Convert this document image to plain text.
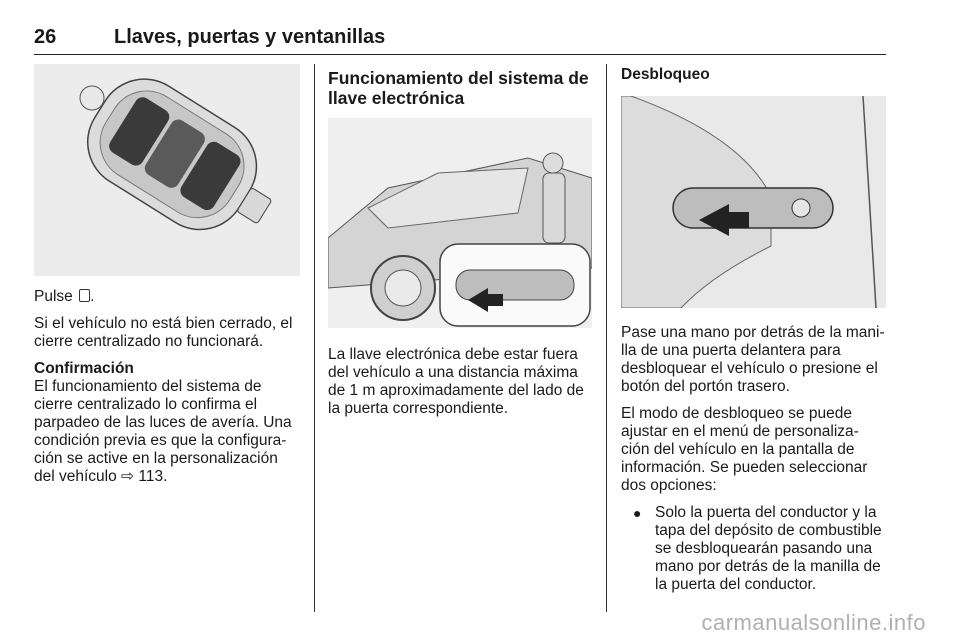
26	Llaves, puertas y ventanillas

Pulse .

Si el vehículo no está bien cerrado, el cierre centralizado no funcionará.

Confirmación

El funcionamiento del sistema de cierre centralizado lo confirma el parpadeo de las luces de avería. Una condición previa es que la configura- ción se active en la personalización del vehículo ⇨ 113.

Funcionamiento del sistema de llave electrónica

La llave electrónica debe estar fuera del vehículo a una distancia máxima de 1 m aproximadamente del lado de la puerta correspondiente.

Desbloqueo

Pase una mano por detrás de la mani- lla de una puerta delantera para desbloquear el vehículo o presione el botón del portón trasero.

El modo de desbloqueo se puede ajustar en el menú de personaliza- ción del vehículo en la pantalla de información. Se pueden seleccionar dos opciones:

● Solo la puerta del conductor y la tapa del depósito de combustible se desbloquearán pasando una mano por detrás de la manilla de la puerta del conductor.
carmanualsonline.info
